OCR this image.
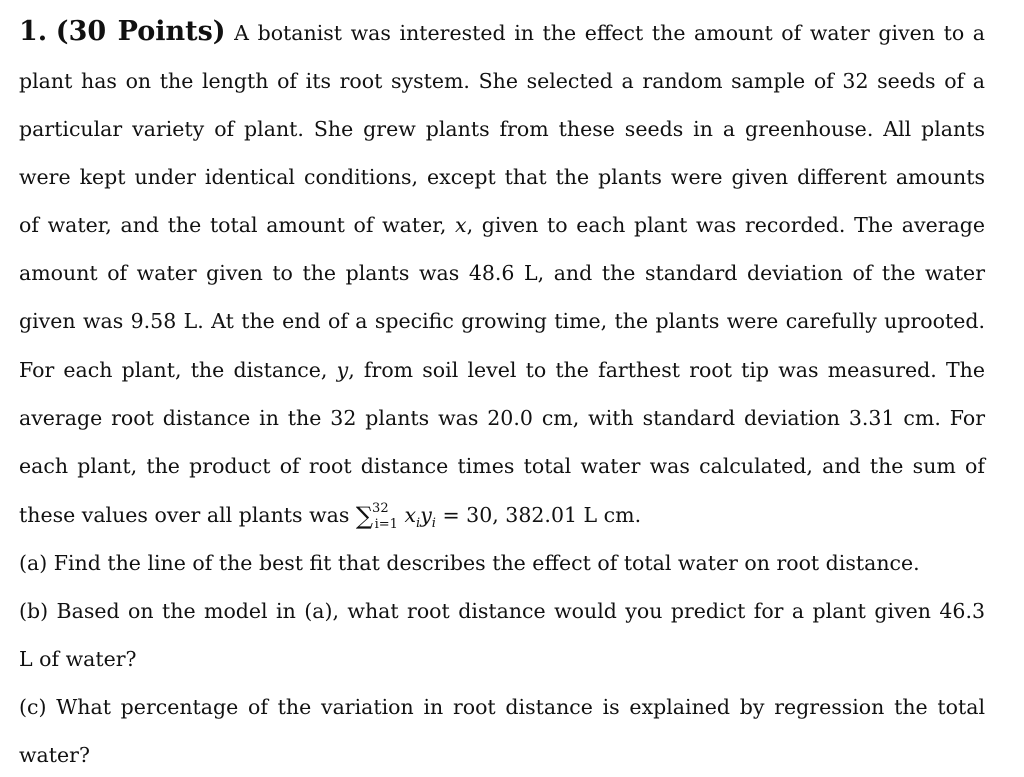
1. (30 Points) A botanist was interested in the effect the amount of water given to a
plant has on the length of its root system. She selected a random sample of 32 seeds of a
particular variety of plant. She grew plants from these seeds in a greenhouse. All plants
were kept under identical conditions, except that the plants were given different amounts
of water, and the total amount of water, x, given to each plant was recorded. The average
amount of water given to the plants was 48.6 L, and the standard deviation of the water
given was 9.58 L. At the end of a specific growing time, the plants were carefully uprooted.
For each plant, the distance, y, from soil level to the farthest root tip was measured. The
average root distance in the 32 plants was 20.0 cm, with standard deviation 3.31 cm. For
each plant, the product of root distance times total water was calculated, and the sum of
these values over all plants was ∑$^{32}_{i=1}$ $x_iy_i = 30$, 382.01 L cm.
(a) Find the line of the best fit that describes the effect of total water on root distance.
(b) Based on the model in (a), what root distance would you predict for a plant given 46.3
L of water?
(c) What percentage of the variation in root distance is explained by regression the total
water?
